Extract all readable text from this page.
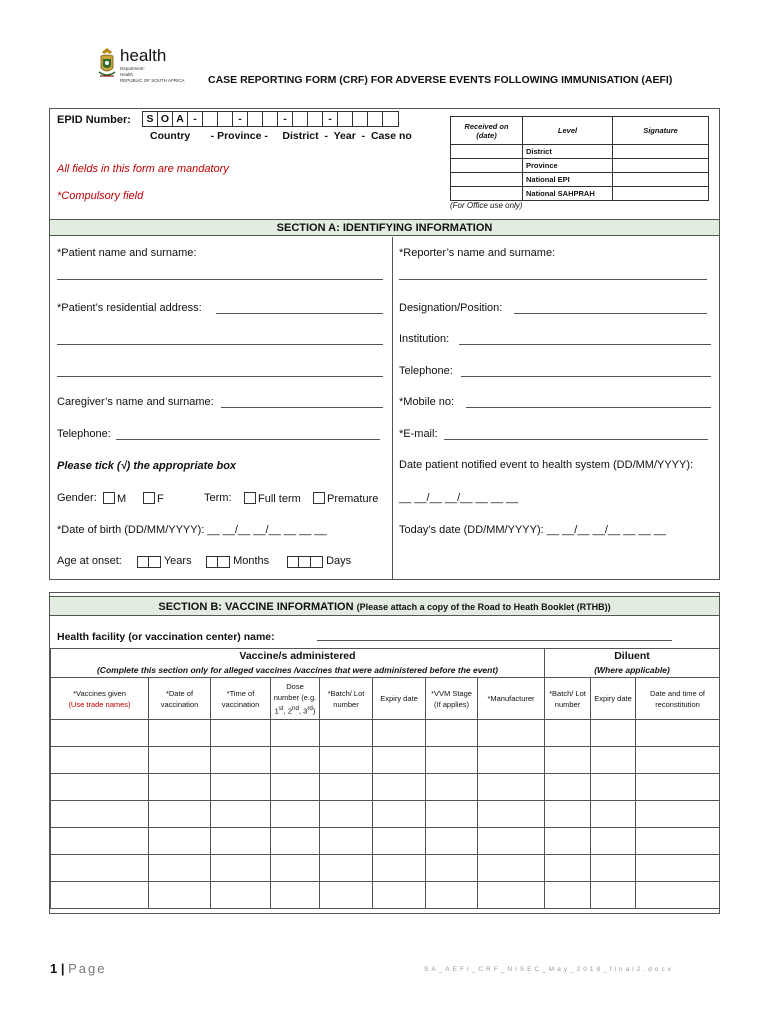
health
Department:
Health
REPUBLIC OF SOUTH AFRICA CASE REPORTING FORM (CRF) FOR ADVERSE EVENTS FOLLOWING IMMUNISATION (AEFI)
EPID Number:	S O A -	-	-	-
Country       - Province -     District  -  Year  -  Case no
All fields in this form are mandatory
*Compulsory field
Received on (date)	Level	Signature
	District	
	Province	
	National EPI	
	National SAHPRAH	
(For Office use only)
SECTION A: IDENTIFYING INFORMATION
*Patient name and surname:
*Patient’s residential address:
Caregiver’s name and surname:
Telephone:
Please tick (√) the appropriate box
Gender:	M	F	Term:	Full term	Premature
*Date of birth (DD/MM/YYYY): __ __/__ __/__ __ __ __
Age at onset:	Years	Months	Days
*Reporter’s name and surname:
Designation/Position:
Institution:
Telephone:
*Mobile no:
*E-mail:
Date patient notified event to health system (DD/MM/YYYY):
__ __/__ __/__ __ __ __
Today’s date (DD/MM/YYYY): __ __/__ __/__ __ __ __
SECTION B: VACCINE INFORMATION (Please attach a copy of the Road to Heath Booklet (RTHB))
Health facility (or vaccination center) name:
Vaccine/s administered								Diluent		
(Complete this section only for alleged vaccines /vaccines that were administered before the event)								(Where applicable)		

*Vaccines given
(Use trade names)	*Date of vaccination	*Time of vaccination	Dose number (e.g. 1st, 2nd, 3rd)	*Batch/ Lot number	Expiry date	*VVM Stage (If applies)	*Manufacturer	*Batch/ Lot number	Expiry date	Date and time of reconstitution

1 | Page	SA_AEFI_CRF_NISEC_May_2018_final2.docx
